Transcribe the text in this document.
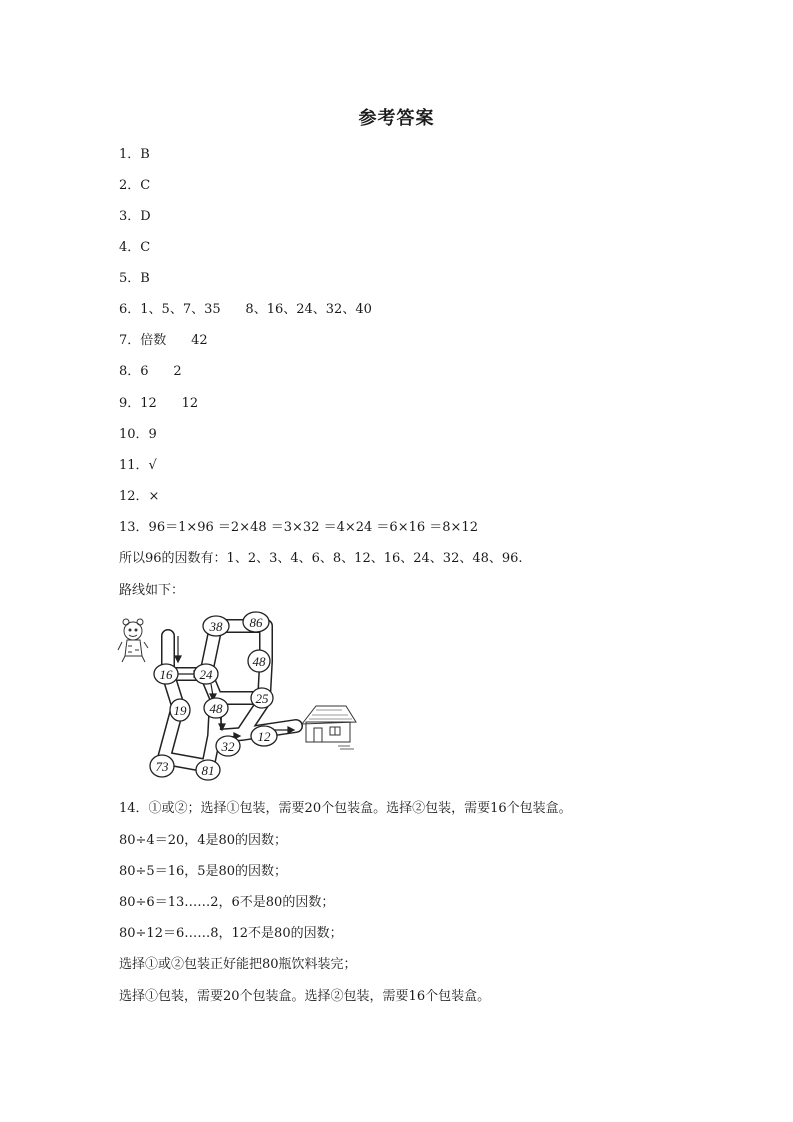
参考答案
1．B
2．C
3．D
4．C
5．B
6．1、5、7、35      8、16、24、32、40
7．倍数      42
8．6      2
9．12      12
10．9
11．√
12．×
13．96＝1×96 ＝2×48 ＝3×32 ＝4×24 ＝6×16 ＝8×12
所以96的因数有：1、2、3、4、6、8、12、16、24、32、48、96.
路线如下：
38 86
48
16 24
25
19 48
12
32
73	81
14．①或②；选择①包装，需要20个包装盒。选择②包装，需要16个包装盒。
80÷4＝20，4是80的因数；
80÷5＝16，5是80的因数；
80÷6＝13……2，6不是80的因数；
80÷12＝6……8，12不是80的因数；
选择①或②包装正好能把80瓶饮料装完；
选择①包装，需要20个包装盒。选择②包装，需要16个包装盒。
